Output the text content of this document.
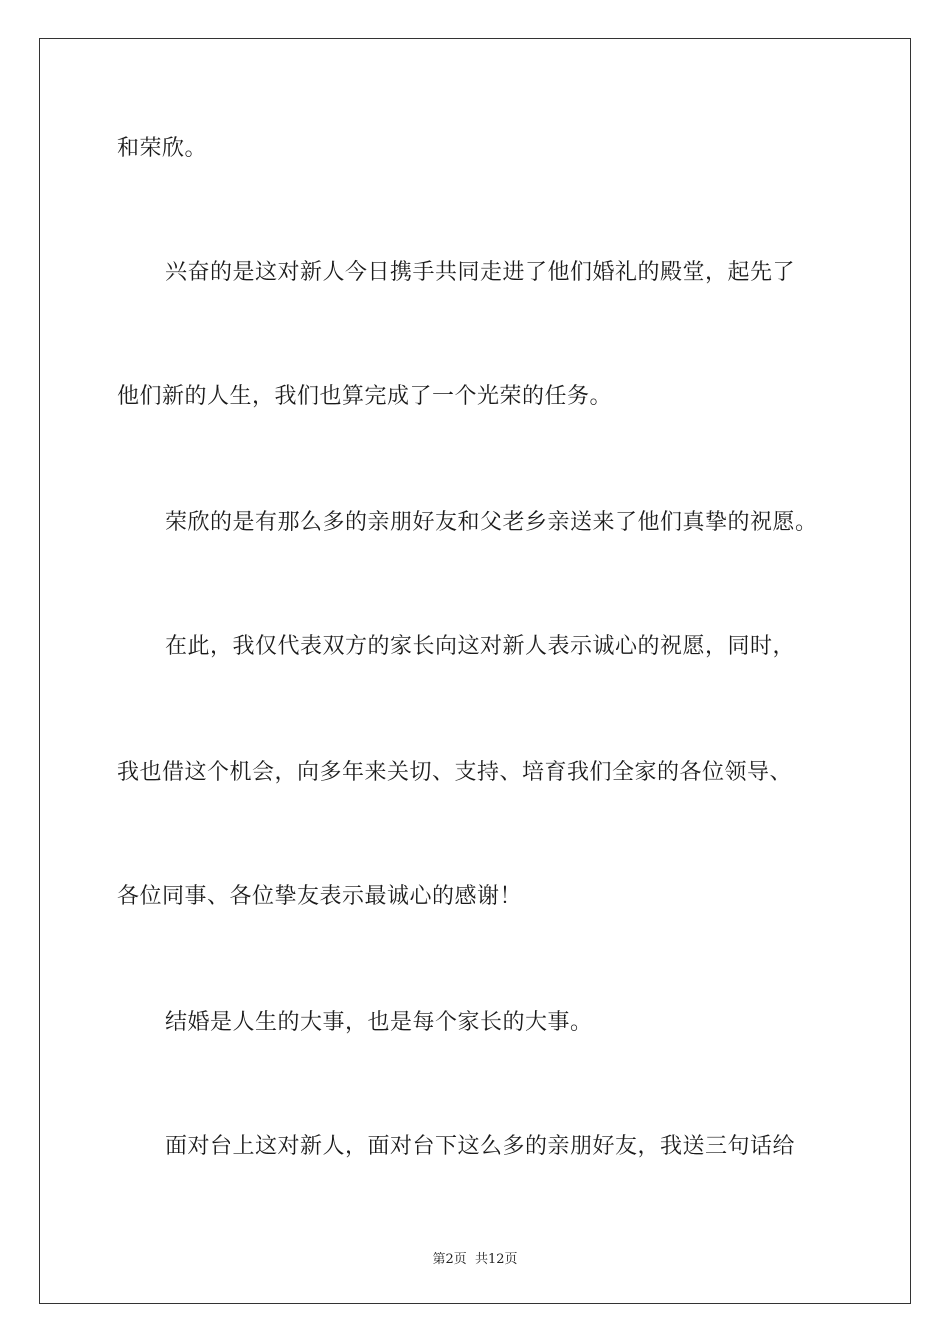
和荣欣。
兴奋的是这对新人今日携手共同走进了他们婚礼的殿堂，起先了
他们新的人生，我们也算完成了一个光荣的任务。
荣欣的是有那么多的亲朋好友和父老乡亲送来了他们真挚的祝愿。
在此，我仅代表双方的家长向这对新人表示诚心的祝愿，同时，
我也借这个机会，向多年来关切、支持、培育我们全家的各位领导、
各位同事、各位挚友表示最诚心的感谢！
结婚是人生的大事，也是每个家长的大事。
面对台上这对新人，面对台下这么多的亲朋好友，我送三句话给
第2页 共12页
